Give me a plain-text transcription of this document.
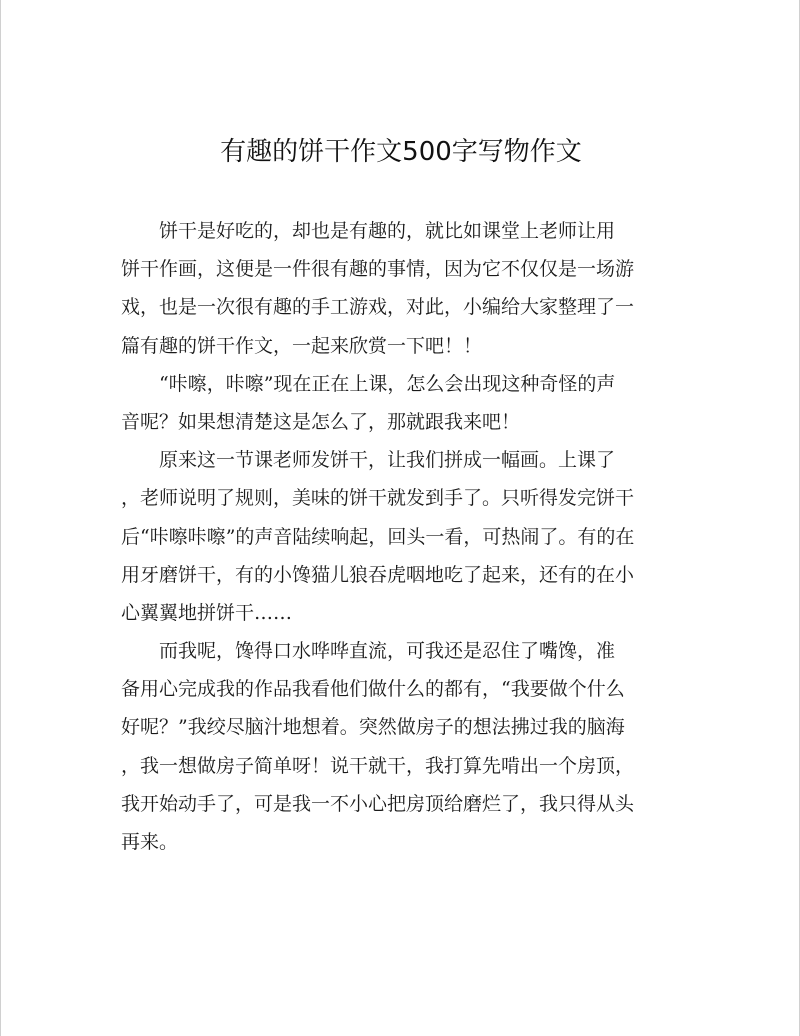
有趣的饼干作文500字写物作文
饼干是好吃的，却也是有趣的，就比如课堂上老师让用
饼干作画，这便是一件很有趣的事情，因为它不仅仅是一场游
戏，也是一次很有趣的手工游戏，对此，小编给大家整理了一
篇有趣的饼干作文，一起来欣赏一下吧！！
“咔嚓，咔嚓”现在正在上课，怎么会出现这种奇怪的声
音呢？如果想清楚这是怎么了，那就跟我来吧！
原来这一节课老师发饼干，让我们拼成一幅画。上课了
，老师说明了规则，美味的饼干就发到手了。只听得发完饼干
后“咔嚓咔嚓”的声音陆续响起，回头一看，可热闹了。有的在
用牙磨饼干，有的小馋猫儿狼吞虎咽地吃了起来，还有的在小
心翼翼地拼饼干……
而我呢，馋得口水哗哗直流，可我还是忍住了嘴馋，准
备用心完成我的作品我看他们做什么的都有，“我要做个什么
好呢？”我绞尽脑汁地想着。突然做房子的想法拂过我的脑海
，我一想做房子简单呀！说干就干，我打算先啃出一个房顶，
我开始动手了，可是我一不小心把房顶给磨烂了，我只得从头
再来。
